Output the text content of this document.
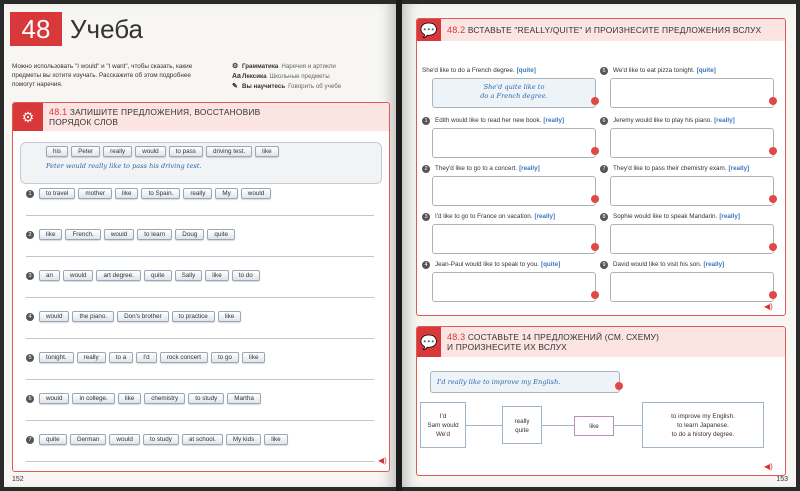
48 Учеба
Можно использовать "I would" и "I want", чтобы сказать, какие предметы вы хотите изучать. Расскажите об этом подробнее помогут наречия.
⚙ Грамматика Наречия и артикли
Aa Лексика Школьные предметы
✎ Вы научитесь Говорить об учебе
⚙	48.1 ЗАПИШИТЕ ПРЕДЛОЖЕНИЯ, ВОССТАНОВИВ
ПОРЯДОК СЛОВ
his	Peter	really	would	to pass	driving test.	like
Peter would really like to pass his driving test.
1	to travel	mother	like	to Spain.	really	My	would
2	like	French.	would	to learn	Doug	quite
3	an	would	art degree.	quite	Sally	like	to do
4	would	the piano.	Don's brother	to practice	like
5	tonight.	really	to a	I'd	rock concert	to go	like
6	would	in college.	like	chemistry	to study	Martha
7	quite	German	would	to study	at school.	My kids	like
◀)
152
💬	48.2 ВСТАВЬТЕ "REALLY/QUITE" И ПРОИЗНЕСИТЕ ПРЕДЛОЖЕНИЯ ВСЛУХ
She'd like to do a French degree. [quite]
She'd quite like to
do a French degree.
1	Edith would like to read her new book. [really]
2	They'd like to go to a concert. [really]
3	I'd like to go to France on vacation. [really]
4	Jean-Paul would like to speak to you. [quite]
5	We'd like to eat pizza tonight. [quite]
6	Jeremy would like to play his piano. [really]
7	They'd like to pass their chemistry exam. [really]
8	Sophie would like to speak Mandarin. [really]
9	David would like to visit his son. [really]
◀)
💬	48.3 СОСТАВЬТЕ 14 ПРЕДЛОЖЕНИЙ (СМ. СХЕМУ)
И ПРОИЗНЕСИТЕ ИХ ВСЛУХ
I'd really like to improve my English.
I'd
Sam would
We'd
really
quite
like
to improve my English.
to learn Japanese.
to do a history degree.
◀)
153
